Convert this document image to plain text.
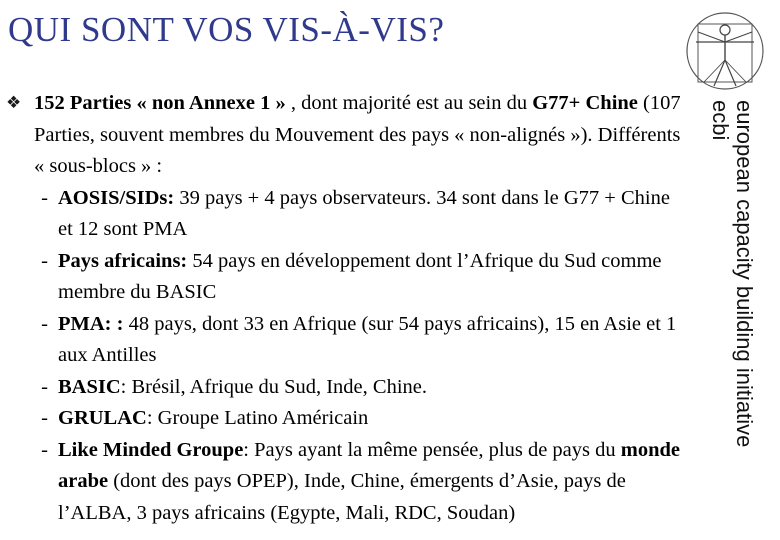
QUI SONT VOS VIS-À-VIS?
european capacity building initiative
ecbi
❖ 152 Parties « non Annexe 1 » , dont majorité est au sein du G77+ Chine (107 Parties, souvent membres du Mouvement des pays « non-alignés »). Différents « sous-blocs » :
- AOSIS/SIDs: 39 pays + 4 pays observateurs. 34 sont dans le G77 + Chine et 12 sont PMA
- Pays africains: 54 pays en développement dont l’Afrique du Sud comme membre du BASIC
- PMA: : 48 pays, dont 33 en Afrique (sur 54 pays africains), 15 en Asie et 1 aux Antilles
- BASIC: Brésil, Afrique du Sud, Inde, Chine.
- GRULAC: Groupe Latino Américain
- Like Minded Groupe: Pays ayant la même pensée, plus de pays du monde arabe (dont des pays OPEP), Inde, Chine, émergents d’Asie, pays de l’ALBA, 3 pays africains (Egypte, Mali, RDC, Soudan)
